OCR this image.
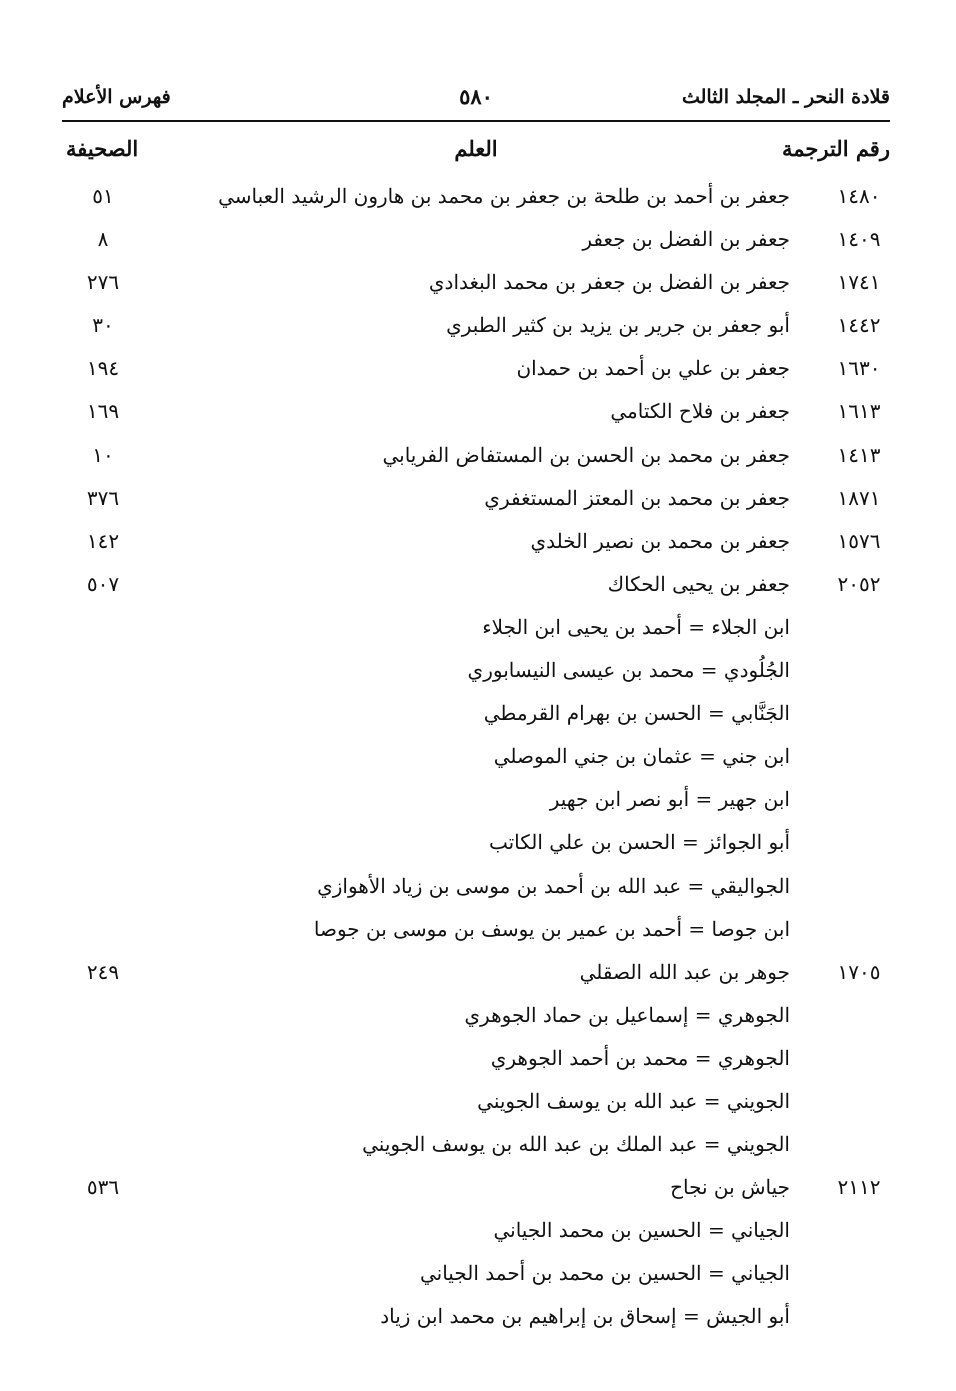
قلادة النحر ـ المجلد الثالث
٥٨٠
فهرس الأعلام
رقم الترجمة
العلم
الصحيفة
١٤٨٠
جعفر بن أحمد بن طلحة بن جعفر بن محمد بن هارون الرشيد العباسي
٥١
١٤٠٩
جعفر بن الفضل بن جعفر
٨
١٧٤١
جعفر بن الفضل بن جعفر بن محمد البغدادي
٢٧٦
١٤٤٢
أبو جعفر بن جرير بن يزيد بن كثير الطبري
٣٠
١٦٣٠
جعفر بن علي بن أحمد بن حمدان
١٩٤
١٦١٣
جعفر بن فلاح الكتامي
١٦٩
١٤١٣
جعفر بن محمد بن الحسن بن المستفاض الفريابي
١٠
١٨٧١
جعفر بن محمد بن المعتز المستغفري
٣٧٦
١٥٧٦
جعفر بن محمد بن نصير الخلدي
١٤٢
٢٠٥٢
جعفر بن يحيى الحكاك
٥٠٧
ابن الجلاء = أحمد بن يحيى ابن الجلاء
الجُلُودي = محمد بن عيسى النيسابوري
الجَنَّابي = الحسن بن بهرام القرمطي
ابن جني = عثمان بن جني الموصلي
ابن جهير = أبو نصر ابن جهير
أبو الجوائز = الحسن بن علي الكاتب
الجواليقي = عبد الله بن أحمد بن موسى بن زياد الأهوازي
ابن جوصا = أحمد بن عمير بن يوسف بن موسى بن جوصا
١٧٠٥
جوهر بن عبد الله الصقلي
٢٤٩
الجوهري = إسماعيل بن حماد الجوهري
الجوهري = محمد بن أحمد الجوهري
الجويني = عبد الله بن يوسف الجويني
الجويني = عبد الملك بن عبد الله بن يوسف الجويني
٢١١٢
جياش بن نجاح
٥٣٦
الجياني = الحسين بن محمد الجياني
الجياني = الحسين بن محمد بن أحمد الجياني
أبو الجيش = إسحاق بن إبراهيم بن محمد ابن زياد
